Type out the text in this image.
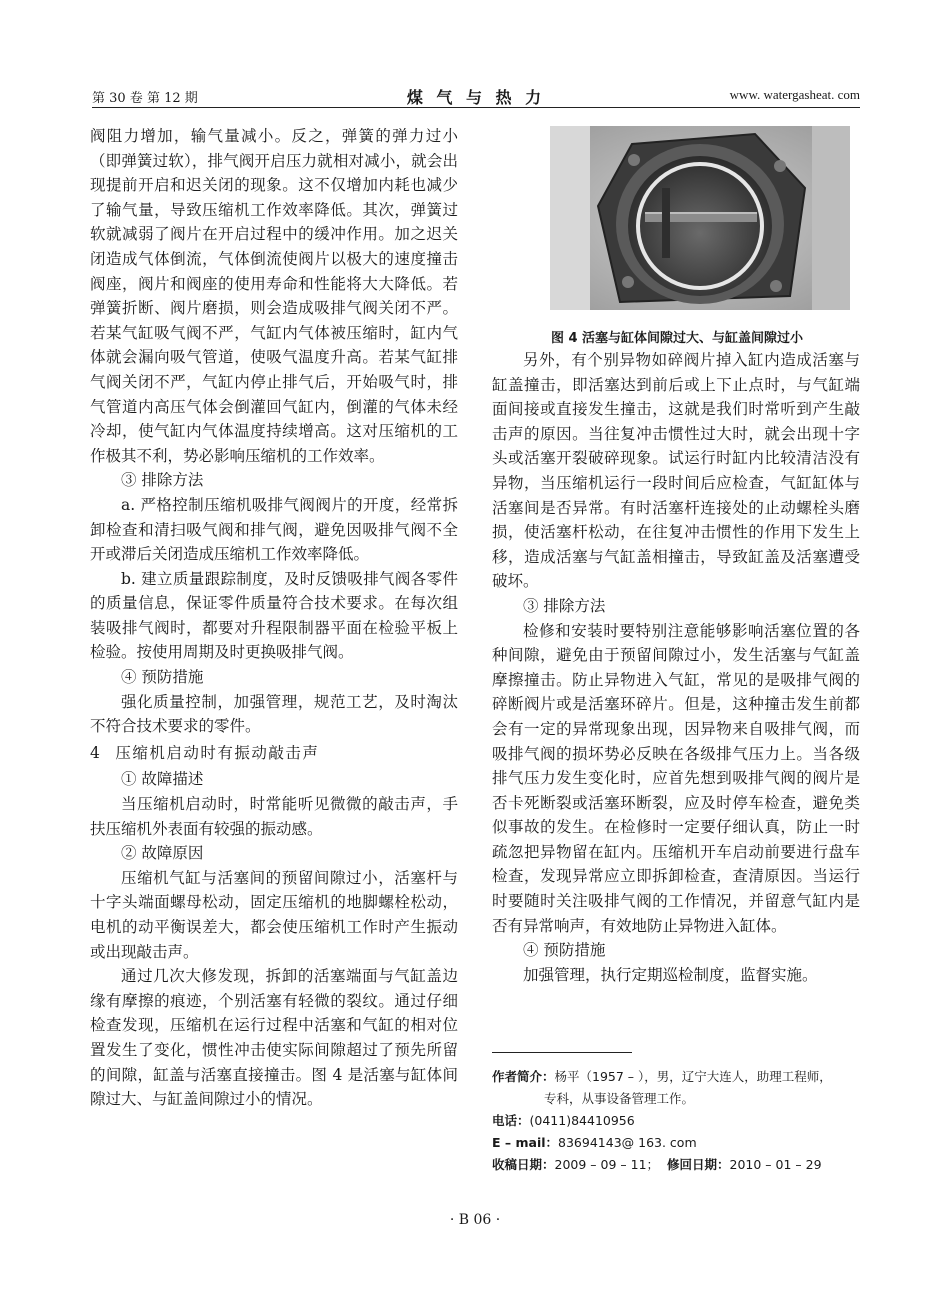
第 30 卷 第 12 期	煤 气 与 热 力	www. watergasheat. com

阀阻力增加，输气量减小。反之，弹簧的弹力过小（即弹簧过软），排气阀开启压力就相对减小，就会出现提前开启和迟关闭的现象。这不仅增加内耗也减少了输气量，导致压缩机工作效率降低。其次，弹簧过软就减弱了阀片在开启过程中的缓冲作用。加之迟关闭造成气体倒流，气体倒流使阀片以极大的速度撞击阀座，阀片和阀座的使用寿命和性能将大大降低。若弹簧折断、阀片磨损，则会造成吸排气阀关闭不严。若某气缸吸气阀不严，气缸内气体被压缩时，缸内气体就会漏向吸气管道，使吸气温度升高。若某气缸排气阀关闭不严，气缸内停止排气后，开始吸气时，排气管道内高压气体会倒灌回气缸内，倒灌的气体未经冷却，使气缸内气体温度持续增高。这对压缩机的工作极其不利，势必影响压缩机的工作效率。

③ 排除方法

a. 严格控制压缩机吸排气阀阀片的开度，经常拆卸检查和清扫吸气阀和排气阀，避免因吸排气阀不全开或滞后关闭造成压缩机工作效率降低。

b. 建立质量跟踪制度，及时反馈吸排气阀各零件的质量信息，保证零件质量符合技术要求。在每次组装吸排气阀时，都要对升程限制器平面在检验平板上检验。按使用周期及时更换吸排气阀。

④ 预防措施

强化质量控制，加强管理，规范工艺，及时淘汰不符合技术要求的零件。

4 压缩机启动时有振动敲击声
① 故障描述

当压缩机启动时，时常能听见微微的敲击声，手扶压缩机外表面有较强的振动感。

② 故障原因

压缩机气缸与活塞间的预留间隙过小，活塞杆与十字头端面螺母松动，固定压缩机的地脚螺栓松动，电机的动平衡误差大，都会使压缩机工作时产生振动或出现敲击声。

通过几次大修发现，拆卸的活塞端面与气缸盖边缘有摩擦的痕迹，个别活塞有轻微的裂纹。通过仔细检查发现，压缩机在运行过程中活塞和气缸的相对位置发生了变化，惯性冲击使实际间隙超过了预先所留的间隙，缸盖与活塞直接撞击。图 4 是活塞与缸体间隙过大、与缸盖间隙过小的情况。

图 4 活塞与缸体间隙过大、与缸盖间隙过小

另外，有个别异物如碎阀片掉入缸内造成活塞与缸盖撞击，即活塞达到前后或上下止点时，与气缸端面间接或直接发生撞击，这就是我们时常听到产生敲击声的原因。当往复冲击惯性过大时，就会出现十字头或活塞开裂破碎现象。试运行时缸内比较清洁没有异物，当压缩机运行一段时间后应检查，气缸缸体与活塞间是否异常。有时活塞杆连接处的止动螺栓头磨损，使活塞杆松动，在往复冲击惯性的作用下发生上移，造成活塞与气缸盖相撞击，导致缸盖及活塞遭受破坏。

③ 排除方法

检修和安装时要特别注意能够影响活塞位置的各种间隙，避免由于预留间隙过小，发生活塞与气缸盖摩擦撞击。防止异物进入气缸，常见的是吸排气阀的碎断阀片或是活塞环碎片。但是，这种撞击发生前都会有一定的异常现象出现，因异物来自吸排气阀，而吸排气阀的损坏势必反映在各级排气压力上。当各级排气压力发生变化时，应首先想到吸排气阀的阀片是否卡死断裂或活塞环断裂，应及时停车检查，避免类似事故的发生。在检修时一定要仔细认真，防止一时疏忽把异物留在缸内。压缩机开车启动前要进行盘车检查，发现异常应立即拆卸检查，查清原因。当运行时要随时关注吸排气阀的工作情况，并留意气缸内是否有异常响声，有效地防止异物进入缸体。

④ 预防措施

加强管理，执行定期巡检制度，监督实施。

作者简介：杨平（1957 – ），男，辽宁大连人，助理工程师，
专科，从事设备管理工作。
电话：(0411)84410956
E – mail：83694143@ 163. com
收稿日期：2009 – 09 – 11； 修回日期：2010 – 01 – 29
· B 06 ·
